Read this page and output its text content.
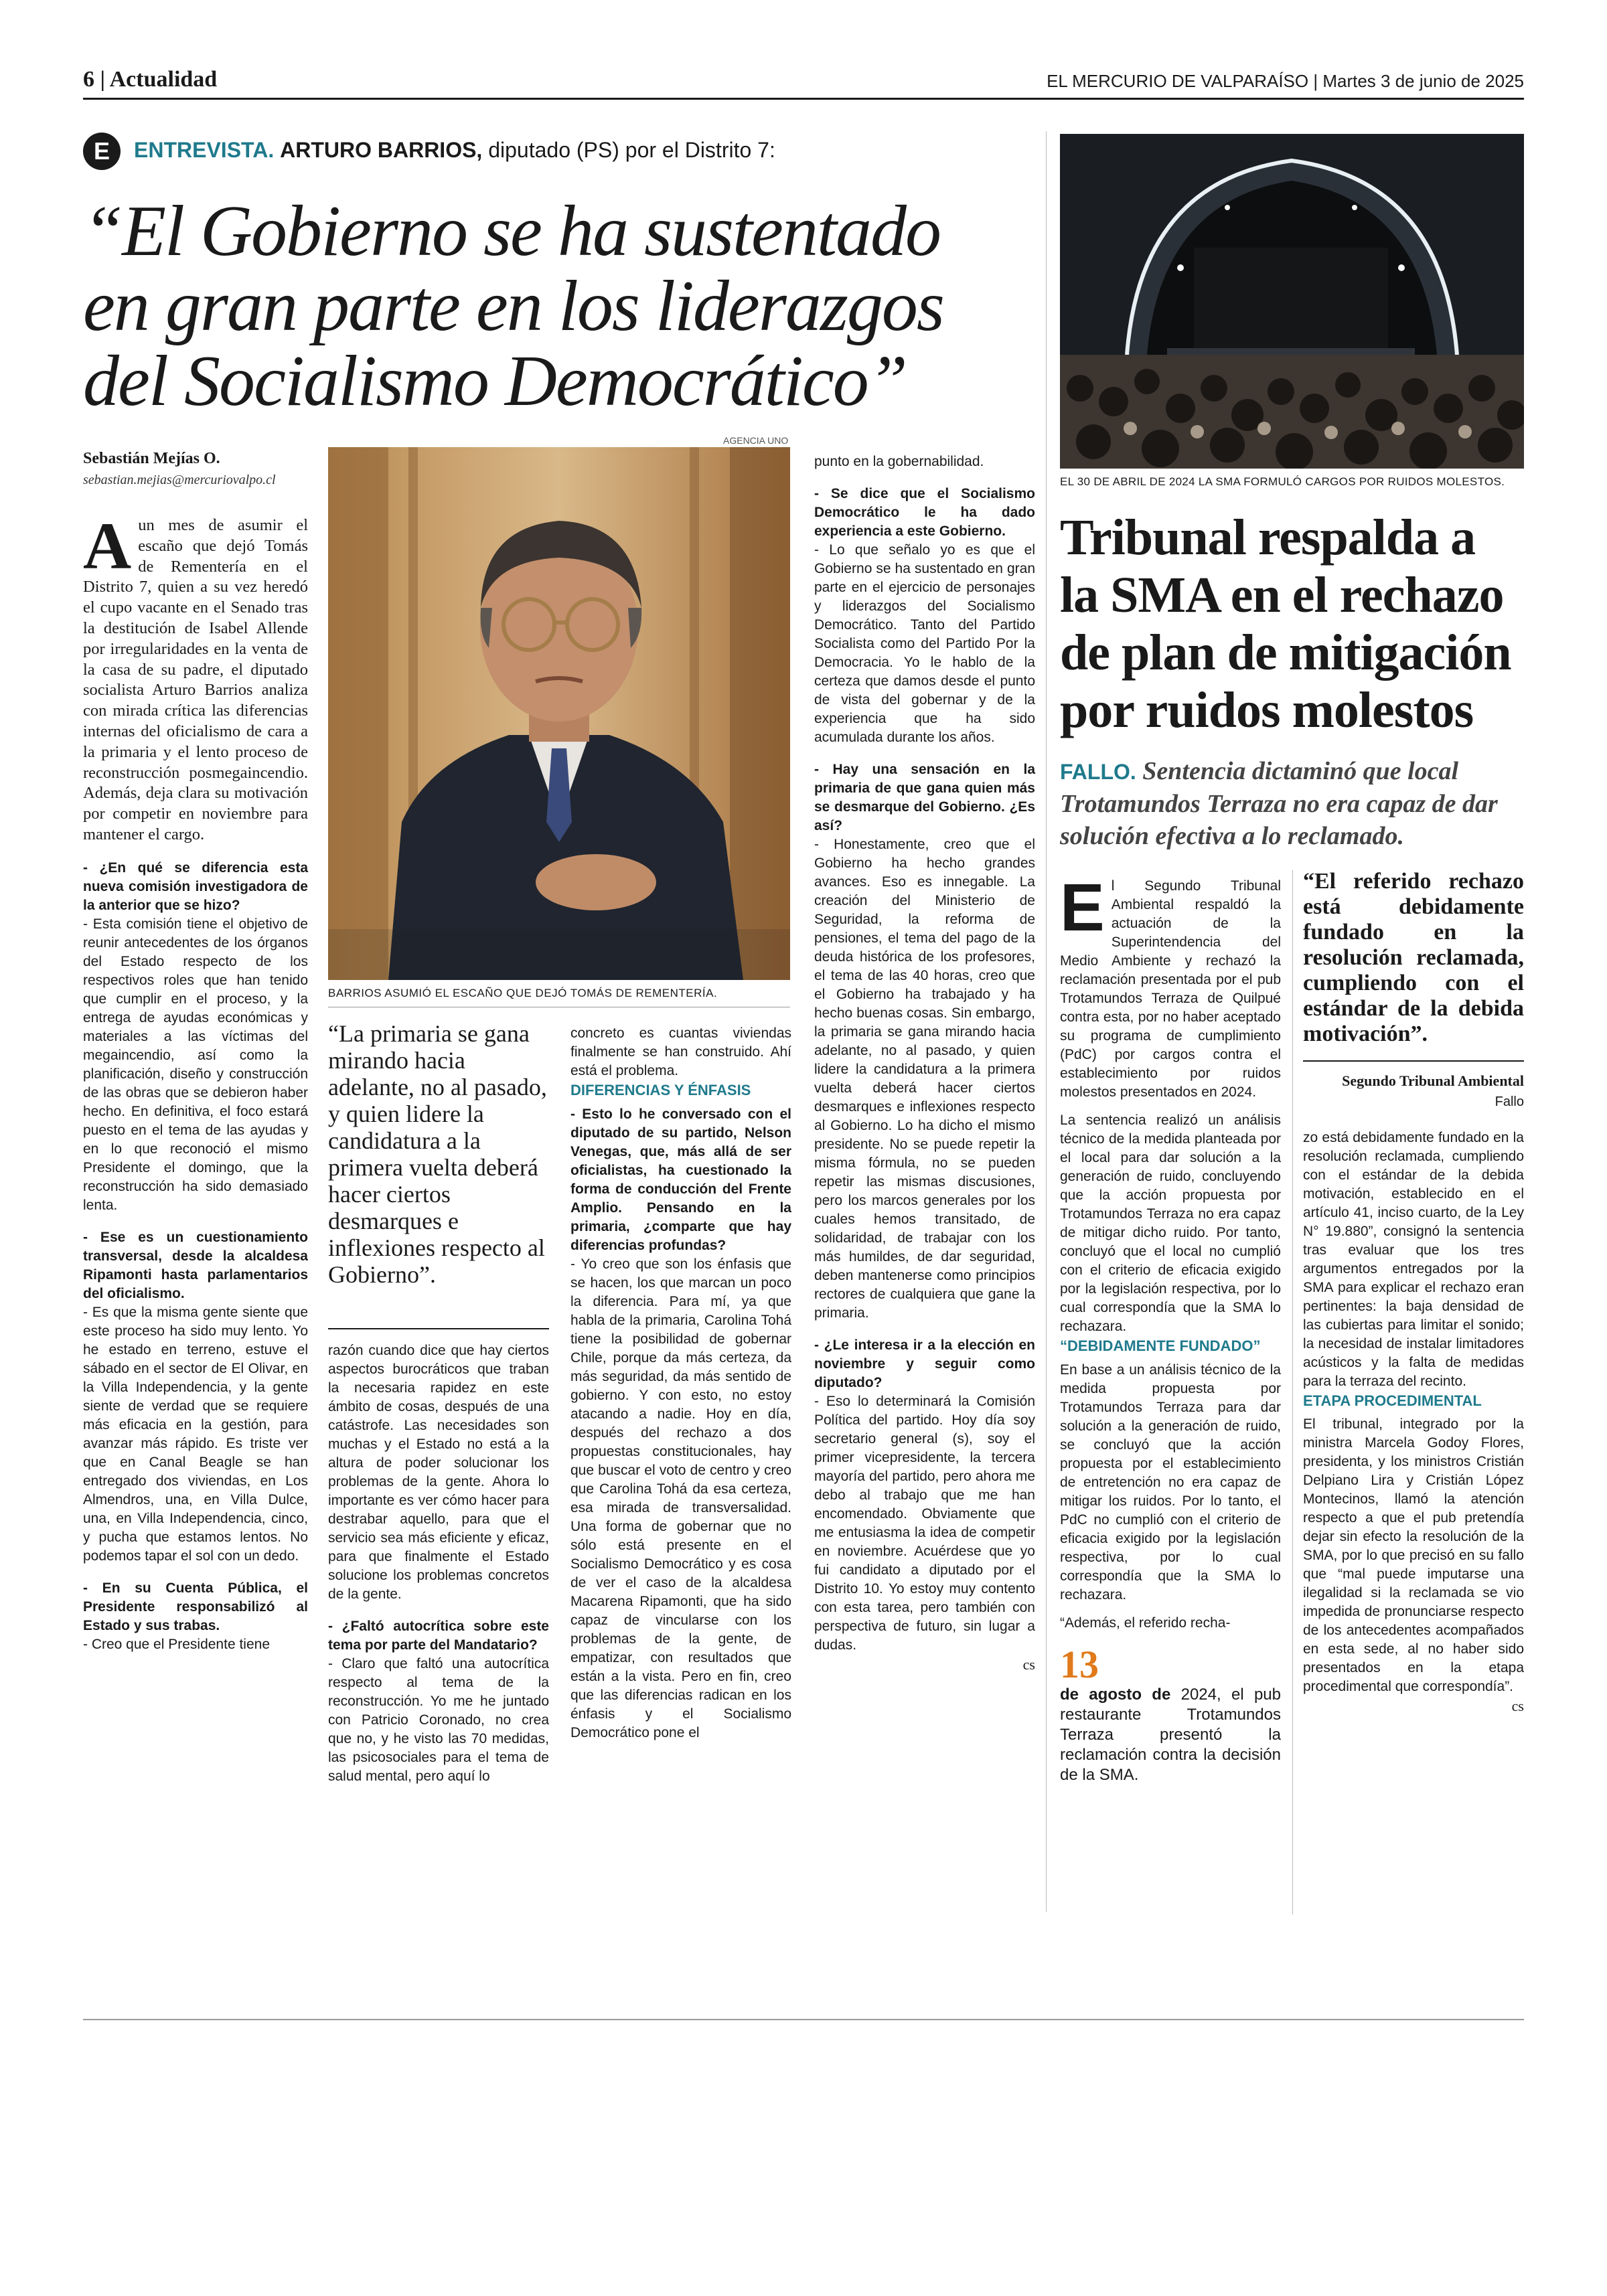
6 | Actualidad	EL MERCURIO DE VALPARAÍSO | Martes 3 de junio de 2025
E	ENTREVISTA. ARTURO BARRIOS, diputado (PS) por el Distrito 7:
“El Gobierno se ha sustentado
en gran parte en los liderazgos
del Socialismo Democrático”
Sebastián Mejías O.
sebastian.mejias@mercuriovalpo.cl
AGENCIA UNO
BARRIOS ASUMIÓ EL ESCAÑO QUE DEJÓ TOMÁS DE REMENTERÍA.

Aun mes de asumir el escaño que dejó Tomás de Rementería en el Distrito 7, quien a su vez heredó el cupo vacante en el Senado tras la destitución de Isabel Allende por irregularidades en la venta de la casa de su padre, el diputado socialista Arturo Barrios analiza con mirada crítica las diferencias internas del oficialismo de cara a la primaria y el lento proceso de reconstrucción posmegaincendio. Además, deja clara su motivación por competir en noviembre para mantener el cargo.

- ¿En qué se diferencia esta nueva comisión investigadora de la anterior que se hizo?

- Esta comisión tiene el objetivo de reunir antecedentes de los órganos del Estado respecto de los respectivos roles que han tenido que cumplir en el proceso, y la entrega de ayudas económicas y materiales a las víctimas del megaincendio, así como la planificación, diseño y construcción de las obras que se debieron haber hecho. En definitiva, el foco estará puesto en el tema de las ayudas y en lo que reconoció el mismo Presidente el domingo, que la reconstrucción ha sido demasiado lenta.

- Ese es un cuestionamiento transversal, desde la alcaldesa Ripamonti hasta parlamentarios del oficialismo.

- Es que la misma gente siente que este proceso ha sido muy lento. Yo he estado en terreno, estuve el sábado en el sector de El Olivar, en la Villa Independencia, y la gente siente de verdad que se requiere más eficacia en la gestión, para avanzar más rápido. Es triste ver que en Canal Beagle se han entregado dos viviendas, en Los Almendros, una, en Villa Dulce, una, en Villa Independencia, cinco, y pucha que estamos lentos. No podemos tapar el sol con un dedo.

- En su Cuenta Pública, el Presidente responsabilizó al Estado y sus trabas.

- Creo que el Presidente tiene

“La primaria se gana mirando hacia adelante, no al pasado, y quien lidere la candidatura a la primera vuelta deberá hacer ciertos desmarques e inflexiones respecto al Gobierno”.

razón cuando dice que hay ciertos aspectos burocráticos que traban la necesaria rapidez en este ámbito de cosas, después de una catástrofe. Las necesidades son muchas y el Estado no está a la altura de poder solucionar los problemas de la gente. Ahora lo importante es ver cómo hacer para destrabar aquello, para que el servicio sea más eficiente y eficaz, para que finalmente el Estado solucione los problemas concretos de la gente.

- ¿Faltó autocrítica sobre este tema por parte del Mandatario?

- Claro que faltó una autocrítica respecto al tema de la reconstrucción. Yo me he juntado con Patricio Coronado, no crea que no, y he visto las 70 medidas, las psicosociales para el tema de salud mental, pero aquí lo

concreto es cuantas viviendas finalmente se han construido. Ahí está el problema.

DIFERENCIAS Y ÉNFASIS

- Esto lo he conversado con el diputado de su partido, Nelson Venegas, que, más allá de ser oficialistas, ha cuestionado la forma de conducción del Frente Amplio. Pensando en la primaria, ¿comparte que hay diferencias profundas?

- Yo creo que son los énfasis que se hacen, los que marcan un poco la diferencia. Para mí, ya que habla de la primaria, Carolina Tohá tiene la posibilidad de gobernar Chile, porque da más certeza, da más seguridad, da más sentido de gobierno. Y con esto, no estoy atacando a nadie. Hoy en día, después del rechazo a dos propuestas constitucionales, hay que buscar el voto de centro y creo que Carolina Tohá da esa certeza, esa mirada de transversalidad. Una forma de gobernar que no sólo está presente en el Socialismo Democrático y es cosa de ver el caso de la alcaldesa Macarena Ripamonti, que ha sido capaz de vincularse con los problemas de la gente, de empatizar, con resultados que están a la vista. Pero en fin, creo que las diferencias radican en los énfasis y el Socialismo Democrático pone el

punto en la gobernabilidad.

- Se dice que el Socialismo Democrático le ha dado experiencia a este Gobierno.

- Lo que señalo yo es que el Gobierno se ha sustentado en gran parte en el ejercicio de personajes y liderazgos del Socialismo Democrático. Tanto del Partido Socialista como del Partido Por la Democracia. Yo le hablo de la certeza que damos desde el punto de vista del gobernar y de la experiencia que ha sido acumulada durante los años.

- Hay una sensación en la primaria de que gana quien más se desmarque del Gobierno. ¿Es así?

- Honestamente, creo que el Gobierno ha hecho grandes avances. Eso es innegable. La creación del Ministerio de Seguridad, la reforma de pensiones, el tema del pago de la deuda histórica de los profesores, el tema de las 40 horas, creo que el Gobierno ha trabajado y ha hecho buenas cosas. Sin embargo, la primaria se gana mirando hacia adelante, no al pasado, y quien lidere la candidatura a la primera vuelta deberá hacer ciertos desmarques e inflexiones respecto al Gobierno. Lo ha dicho el mismo presidente. No se puede repetir la misma fórmula, no se pueden repetir las mismas discusiones, pero los marcos generales por los cuales hemos transitado, de solidaridad, de trabajar con los más humildes, de dar seguridad, deben mantenerse como principios rectores de cualquiera que gane la primaria.

- ¿Le interesa ir a la elección en noviembre y seguir como diputado?

- Eso lo determinará la Comisión Política del partido. Hoy día soy secretario general (s), soy el primer vicepresidente, la tercera mayoría del partido, pero ahora me debo al trabajo que me han encomendado. Obviamente que me entusiasma la idea de competir en noviembre. Acuérdese que yo fui candidato a diputado por el Distrito 10. Yo estoy muy contento con esta tarea, pero también con perspectiva de futuro, sin lugar a dudas.

cs

EL 30 DE ABRIL DE 2024 LA SMA FORMULÓ CARGOS POR RUIDOS MOLESTOS.
Tribunal respalda a la SMA en el rechazo de plan de mitigación por ruidos molestos
FALLO. Sentencia dictaminó que local Trotamundos Terraza no era capaz de dar solución efectiva a lo reclamado.

El Segundo Tribunal Ambiental respaldó la actuación de la Superintendencia del Medio Ambiente y rechazó la reclamación presentada por el pub Trotamundos Terraza de Quilpué contra esta, por no haber aceptado su programa de cumplimiento (PdC) por cargos contra el establecimiento por ruidos molestos presentados en 2024.

La sentencia realizó un análisis técnico de la medida planteada por el local para dar solución a la generación de ruido, concluyendo que la acción propuesta por Trotamundos Terraza no era capaz de mitigar dicho ruido. Por tanto, concluyó que el local no cumplió con el criterio de eficacia exigido por la legislación respectiva, por lo cual correspondía que la SMA lo rechazara.

“DEBIDAMENTE FUNDADO”

En base a un análisis técnico de la medida propuesta por Trotamundos Terraza para dar solución a la generación de ruido, se concluyó que la acción propuesta por el establecimiento de entretención no era capaz de mitigar los ruidos. Por lo tanto, el PdC no cumplió con el criterio de eficacia exigido por la legislación respectiva, por lo cual correspondía que la SMA lo rechazara.

“Además, el referido recha-

13
de agosto de 2024, el pub restaurante Trotamundos Terraza presentó la reclamación contra la decisión de la SMA.
“El referido rechazo está debidamente fundado en la resolución reclamada, cumpliendo con el estándar de la debida motivación”.
Segundo Tribunal Ambiental
Fallo

zo está debidamente fundado en la resolución reclamada, cumpliendo con el estándar de la debida motivación, establecido en el artículo 41, inciso cuarto, de la Ley N° 19.880”, consignó la sentencia tras evaluar que los tres argumentos entregados por la SMA para explicar el rechazo eran pertinentes: la baja densidad de las cubiertas para limitar el sonido; la necesidad de instalar limitadores acústicos y la falta de medidas para la terraza del recinto.

ETAPA PROCEDIMENTAL

El tribunal, integrado por la ministra Marcela Godoy Flores, presidenta, y los ministros Cristián Delpiano Lira y Cristián López Montecinos, llamó la atención respecto a que el pub pretendía dejar sin efecto la resolución de la SMA, por lo que precisó en su fallo que “mal puede imputarse una ilegalidad si la reclamada se vio impedida de pronunciarse respecto de los antecedentes acompañados en esta sede, al no haber sido presentados en la etapa procedimental que correspondía”.

cs
